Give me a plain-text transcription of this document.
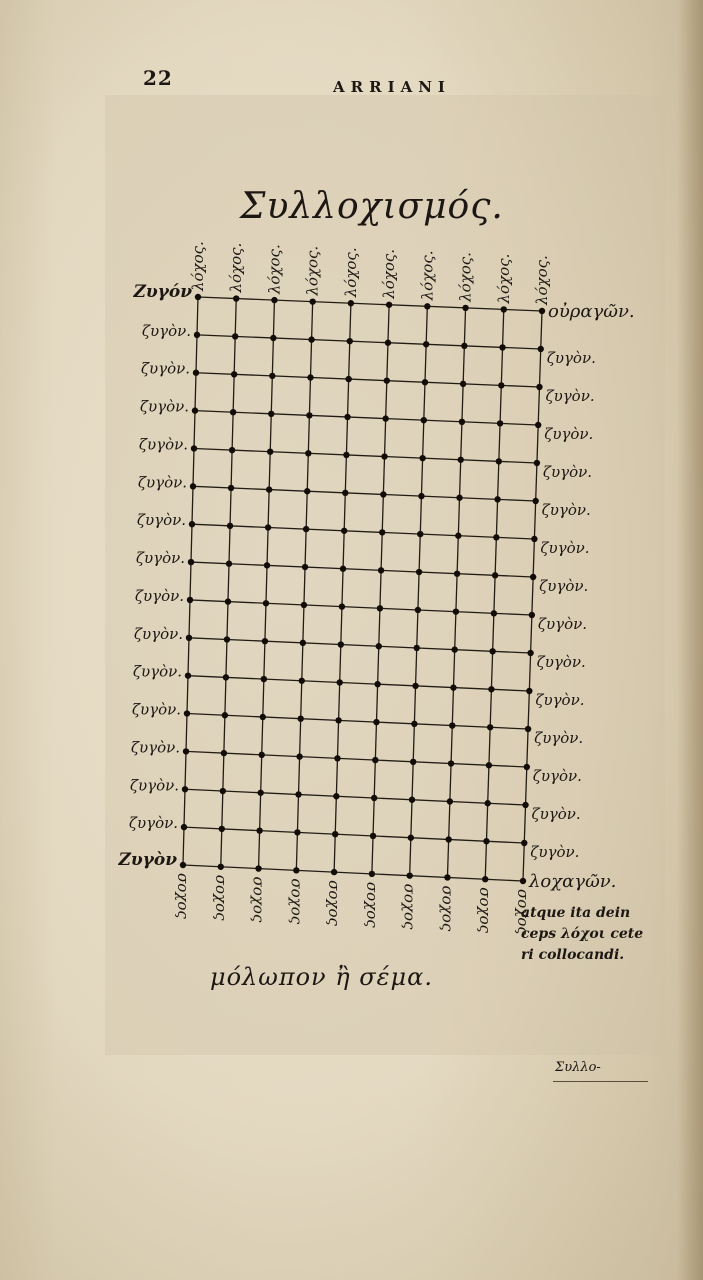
22	ARRIANI
Συλλοχισμός.
λόχος. λόχος. λόχος. λόχος. λόχος. λόχος. λόχος. λόχος. λόχος. λόχος.
σοχος σοχος σοχος σοχος σοχος σοχος σοχος σοχος σοχος σοχος
Ζυγόν
ζυγὸν.
ζυγὸν.
ζυγὸν.
ζυγὸν.
ζυγὸν.
ζυγὸν.
ζυγὸν.
ζυγὸν.
ζυγὸν.
ζυγὸν.
ζυγὸν.
ζυγὸν.
ζυγὸν.
ζυγὸν.
Ζυγὸν
οὐραγῶν.
ζυγὸν.
ζυγὸν.
ζυγὸν.
ζυγὸν.
ζυγὸν.
ζυγὸν.
ζυγὸν.
ζυγὸν.
ζυγὸν.
ζυγὸν.
ζυγὸν.
ζυγὸν.
ζυγὸν.
ζυγὸν.
λοχαγῶν.
atque ita dein
ceps λόχοι cete
ri collocandi.
μόλωπον ἢ σέμα.
Συλλο-
